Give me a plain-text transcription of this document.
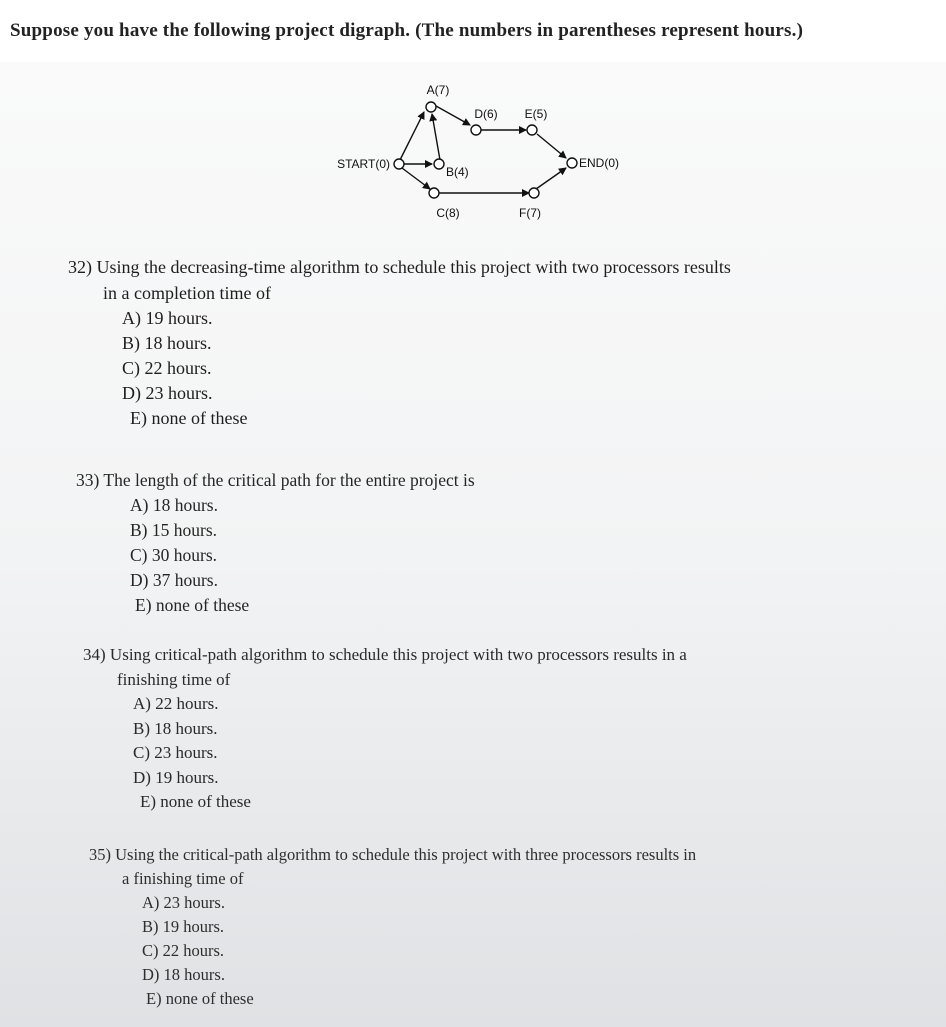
Suppose you have the following project digraph. (The numbers in parentheses represent hours.)
START(0)
A(7)
B(4)
C(8)
D(6) E(5)
F(7)
END(0)

32) Using the decreasing-time algorithm to schedule this project with two processors results

in a completion time of

A) 19 hours.
B) 18 hours.
C) 22 hours.
D) 23 hours.
E) none of these

33) The length of the critical path for the entire project is

A) 18 hours.
B) 15 hours.
C) 30 hours.
D) 37 hours.
E) none of these

34) Using critical-path algorithm to schedule this project with two processors results in a

finishing time of

A) 22 hours.
B) 18 hours.
C) 23 hours.
D) 19 hours.
E) none of these

35) Using the critical-path algorithm to schedule this project with three processors results in

a finishing time of

A) 23 hours.
B) 19 hours.
C) 22 hours.
D) 18 hours.
E) none of these
